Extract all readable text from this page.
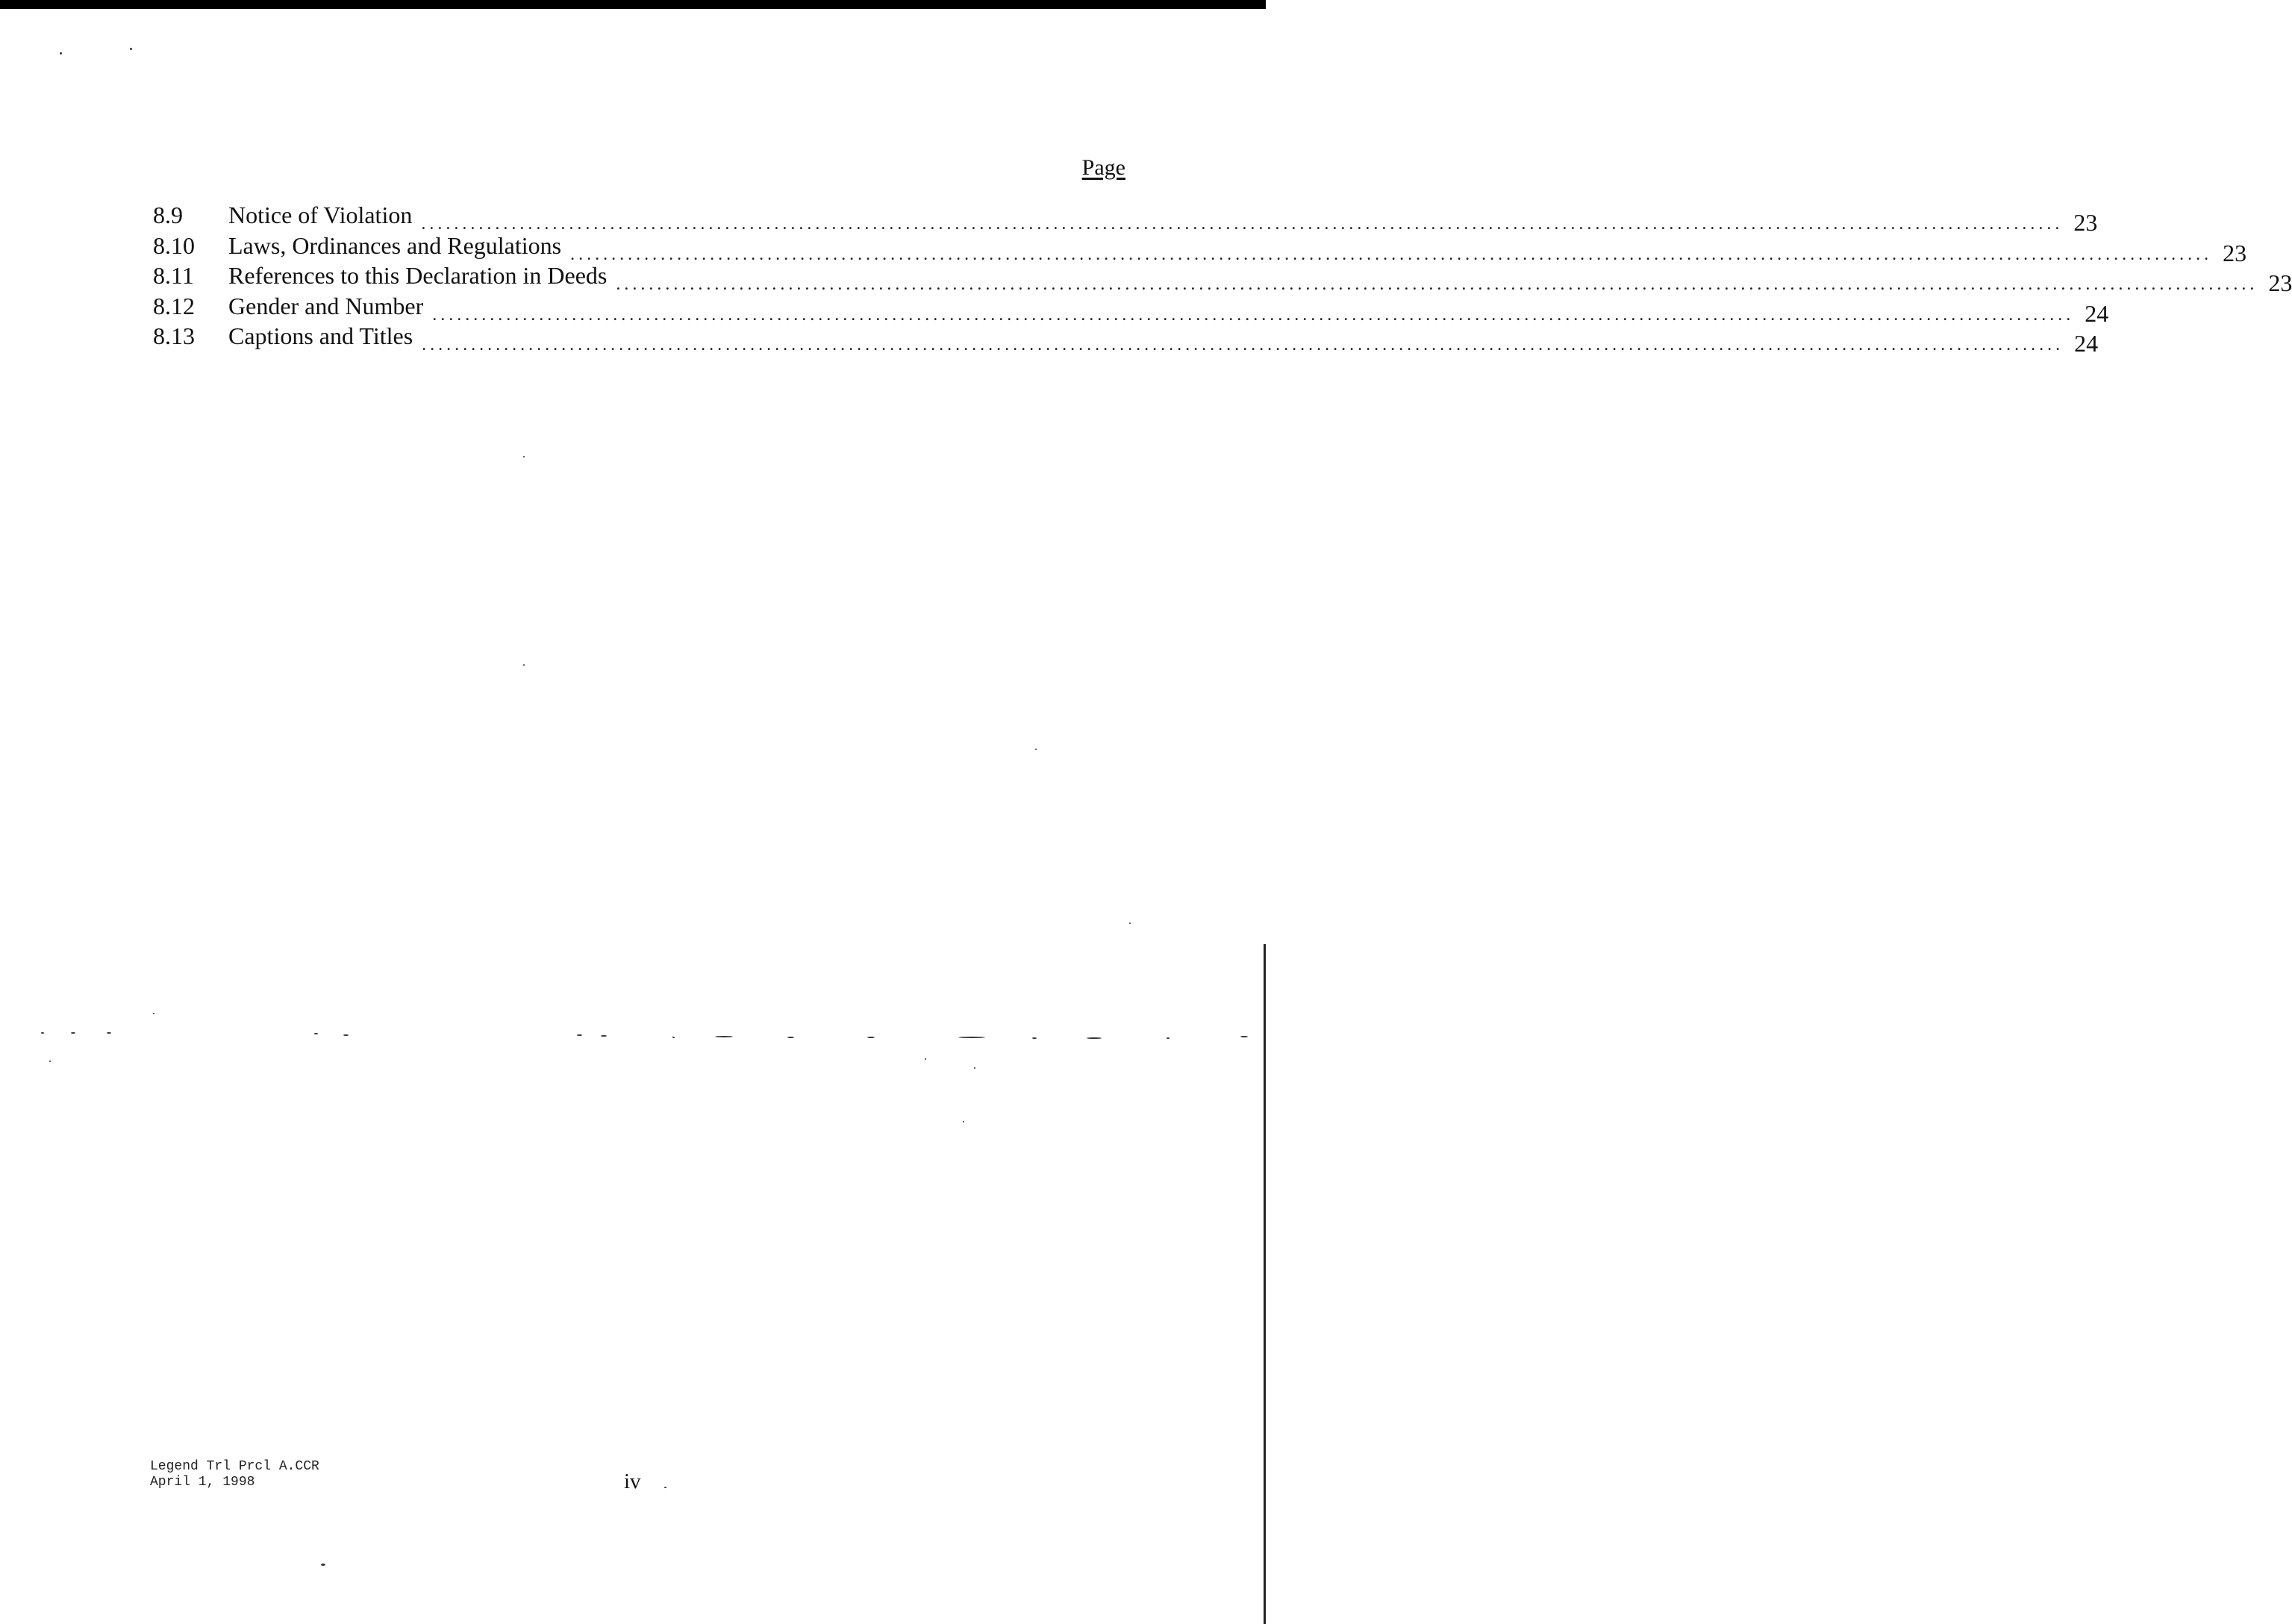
Page
8.9	Notice of Violation ........................................................................................................................................................................................................ 23
8.10	Laws, Ordinances and Regulations ........................................................................................................................................................................................................ 23
8.11	References to this Declaration in Deeds ........................................................................................................................................................................................................ 23
8.12	Gender and Number ........................................................................................................................................................................................................ 24
8.13	Captions and Titles ........................................................................................................................................................................................................ 24
Legend Trl Prcl A.CCR
April 1, 1998	iv
